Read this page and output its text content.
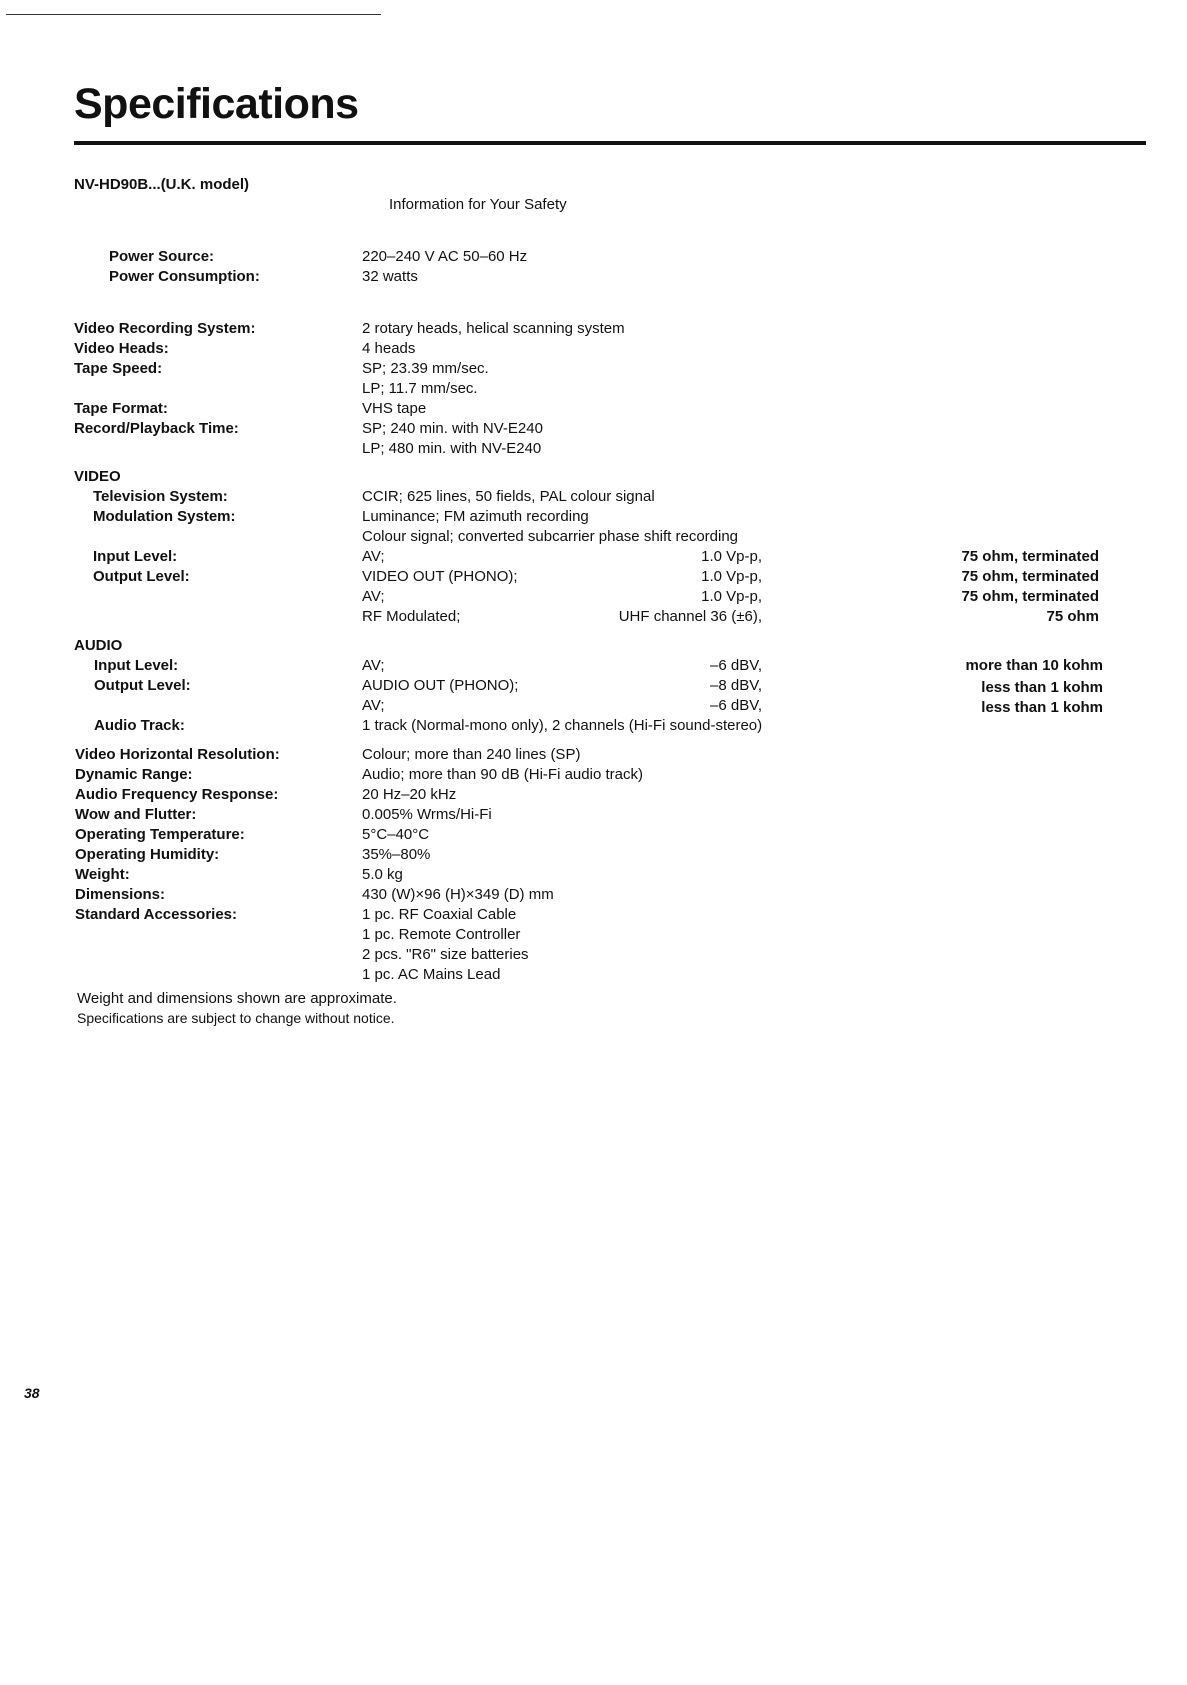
Specifications
NV-HD90B...(U.K. model)
Information for Your Safety
Power Source:	220–240 V AC 50–60 Hz
Power Consumption:	32 watts
Video Recording System:	2 rotary heads, helical scanning system
Video Heads:	4 heads
Tape Speed:	SP; 23.39 mm/sec.
LP; 11.7 mm/sec.
Tape Format:	VHS tape
Record/Playback Time:	SP; 240 min. with NV-E240
LP; 480 min. with NV-E240
VIDEO
Television System:	CCIR; 625 lines, 50 fields, PAL colour signal
Modulation System:	Luminance; FM azimuth recording
Colour signal; converted subcarrier phase shift recording
Input Level:	AV;	1.0 Vp-p,	75 ohm, terminated
Output Level:	VIDEO OUT (PHONO);	1.0 Vp-p,	75 ohm, terminated
AV;	1.0 Vp-p,	75 ohm, terminated
RF Modulated;	UHF channel 36 (±6),	75 ohm
AUDIO
Input Level:	AV;	–6 dBV,	more than 10 kohm
Output Level:	AUDIO OUT (PHONO);	–8 dBV,	less than 1 kohm
AV;	–6 dBV,	less than 1 kohm
Audio Track:	1 track (Normal-mono only), 2 channels (Hi-Fi sound-stereo)
Video Horizontal Resolution:	Colour; more than 240 lines (SP)
Dynamic Range:	Audio; more than 90 dB (Hi-Fi audio track)
Audio Frequency Response:	20 Hz–20 kHz
Wow and Flutter:	0.005% Wrms/Hi-Fi
Operating Temperature:	5°C–40°C
Operating Humidity:	35%–80%
Weight:	5.0 kg
Dimensions:	430 (W)×96 (H)×349 (D) mm
Standard Accessories:	1 pc. RF Coaxial Cable
1 pc. Remote Controller
2 pcs. "R6" size batteries
1 pc. AC Mains Lead
Weight and dimensions shown are approximate.
Specifications are subject to change without notice.
38
